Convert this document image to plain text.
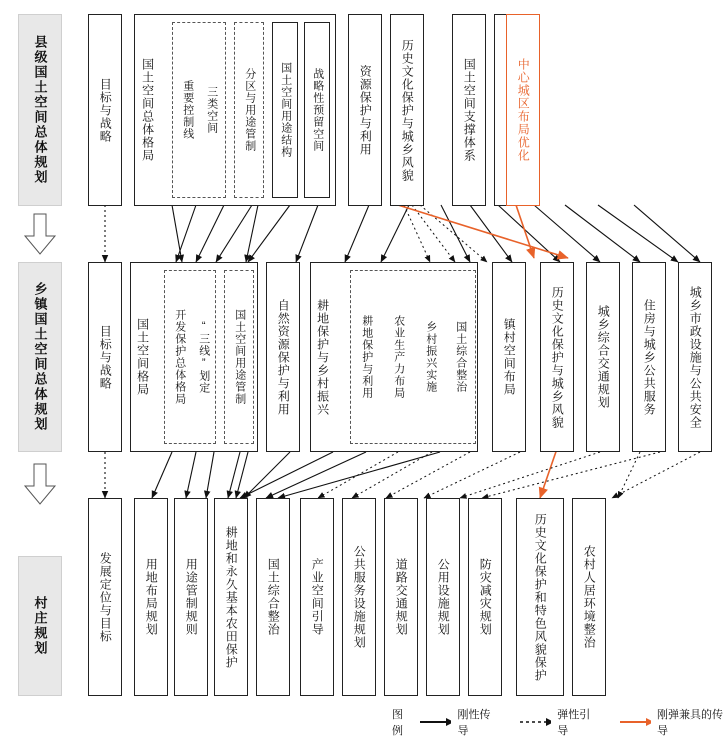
县级国土空间总体规划
乡镇国土空间总体规划
村庄规划
目标与战略 国土空间总体格局 重要控制线 三类空间 分区与用途管制 国土空间用途结构 战略性预留空间	资源保护与利用 历史文化保护与城乡风貌	国土空间支撑体系	中心城区布局优化
目标与战略 国土空间格局 开发保护总体格局 “三线”划定 国土空间用途管制	自然资源保护与利用 耕地保护与乡村振兴	耕地保护与利用 农业生产力布局 乡村振兴实施 国土综合整治	镇村空间布局	历史文化保护与城乡风貌	城乡综合交通规划	住房与城乡公共服务	城乡市政设施与公共安全
发展定位与目标	用地布局规划 用途管制规则 耕地和永久基本农田保护 国土综合整治	产业空间引导 公共服务设施规划 道路交通规划 公用设施规划 防灾减灾规划	历史文化保护和特色风貌保护	农村人居环境整治
图例
刚性传导
弹性引导
刚弹兼具的传导
